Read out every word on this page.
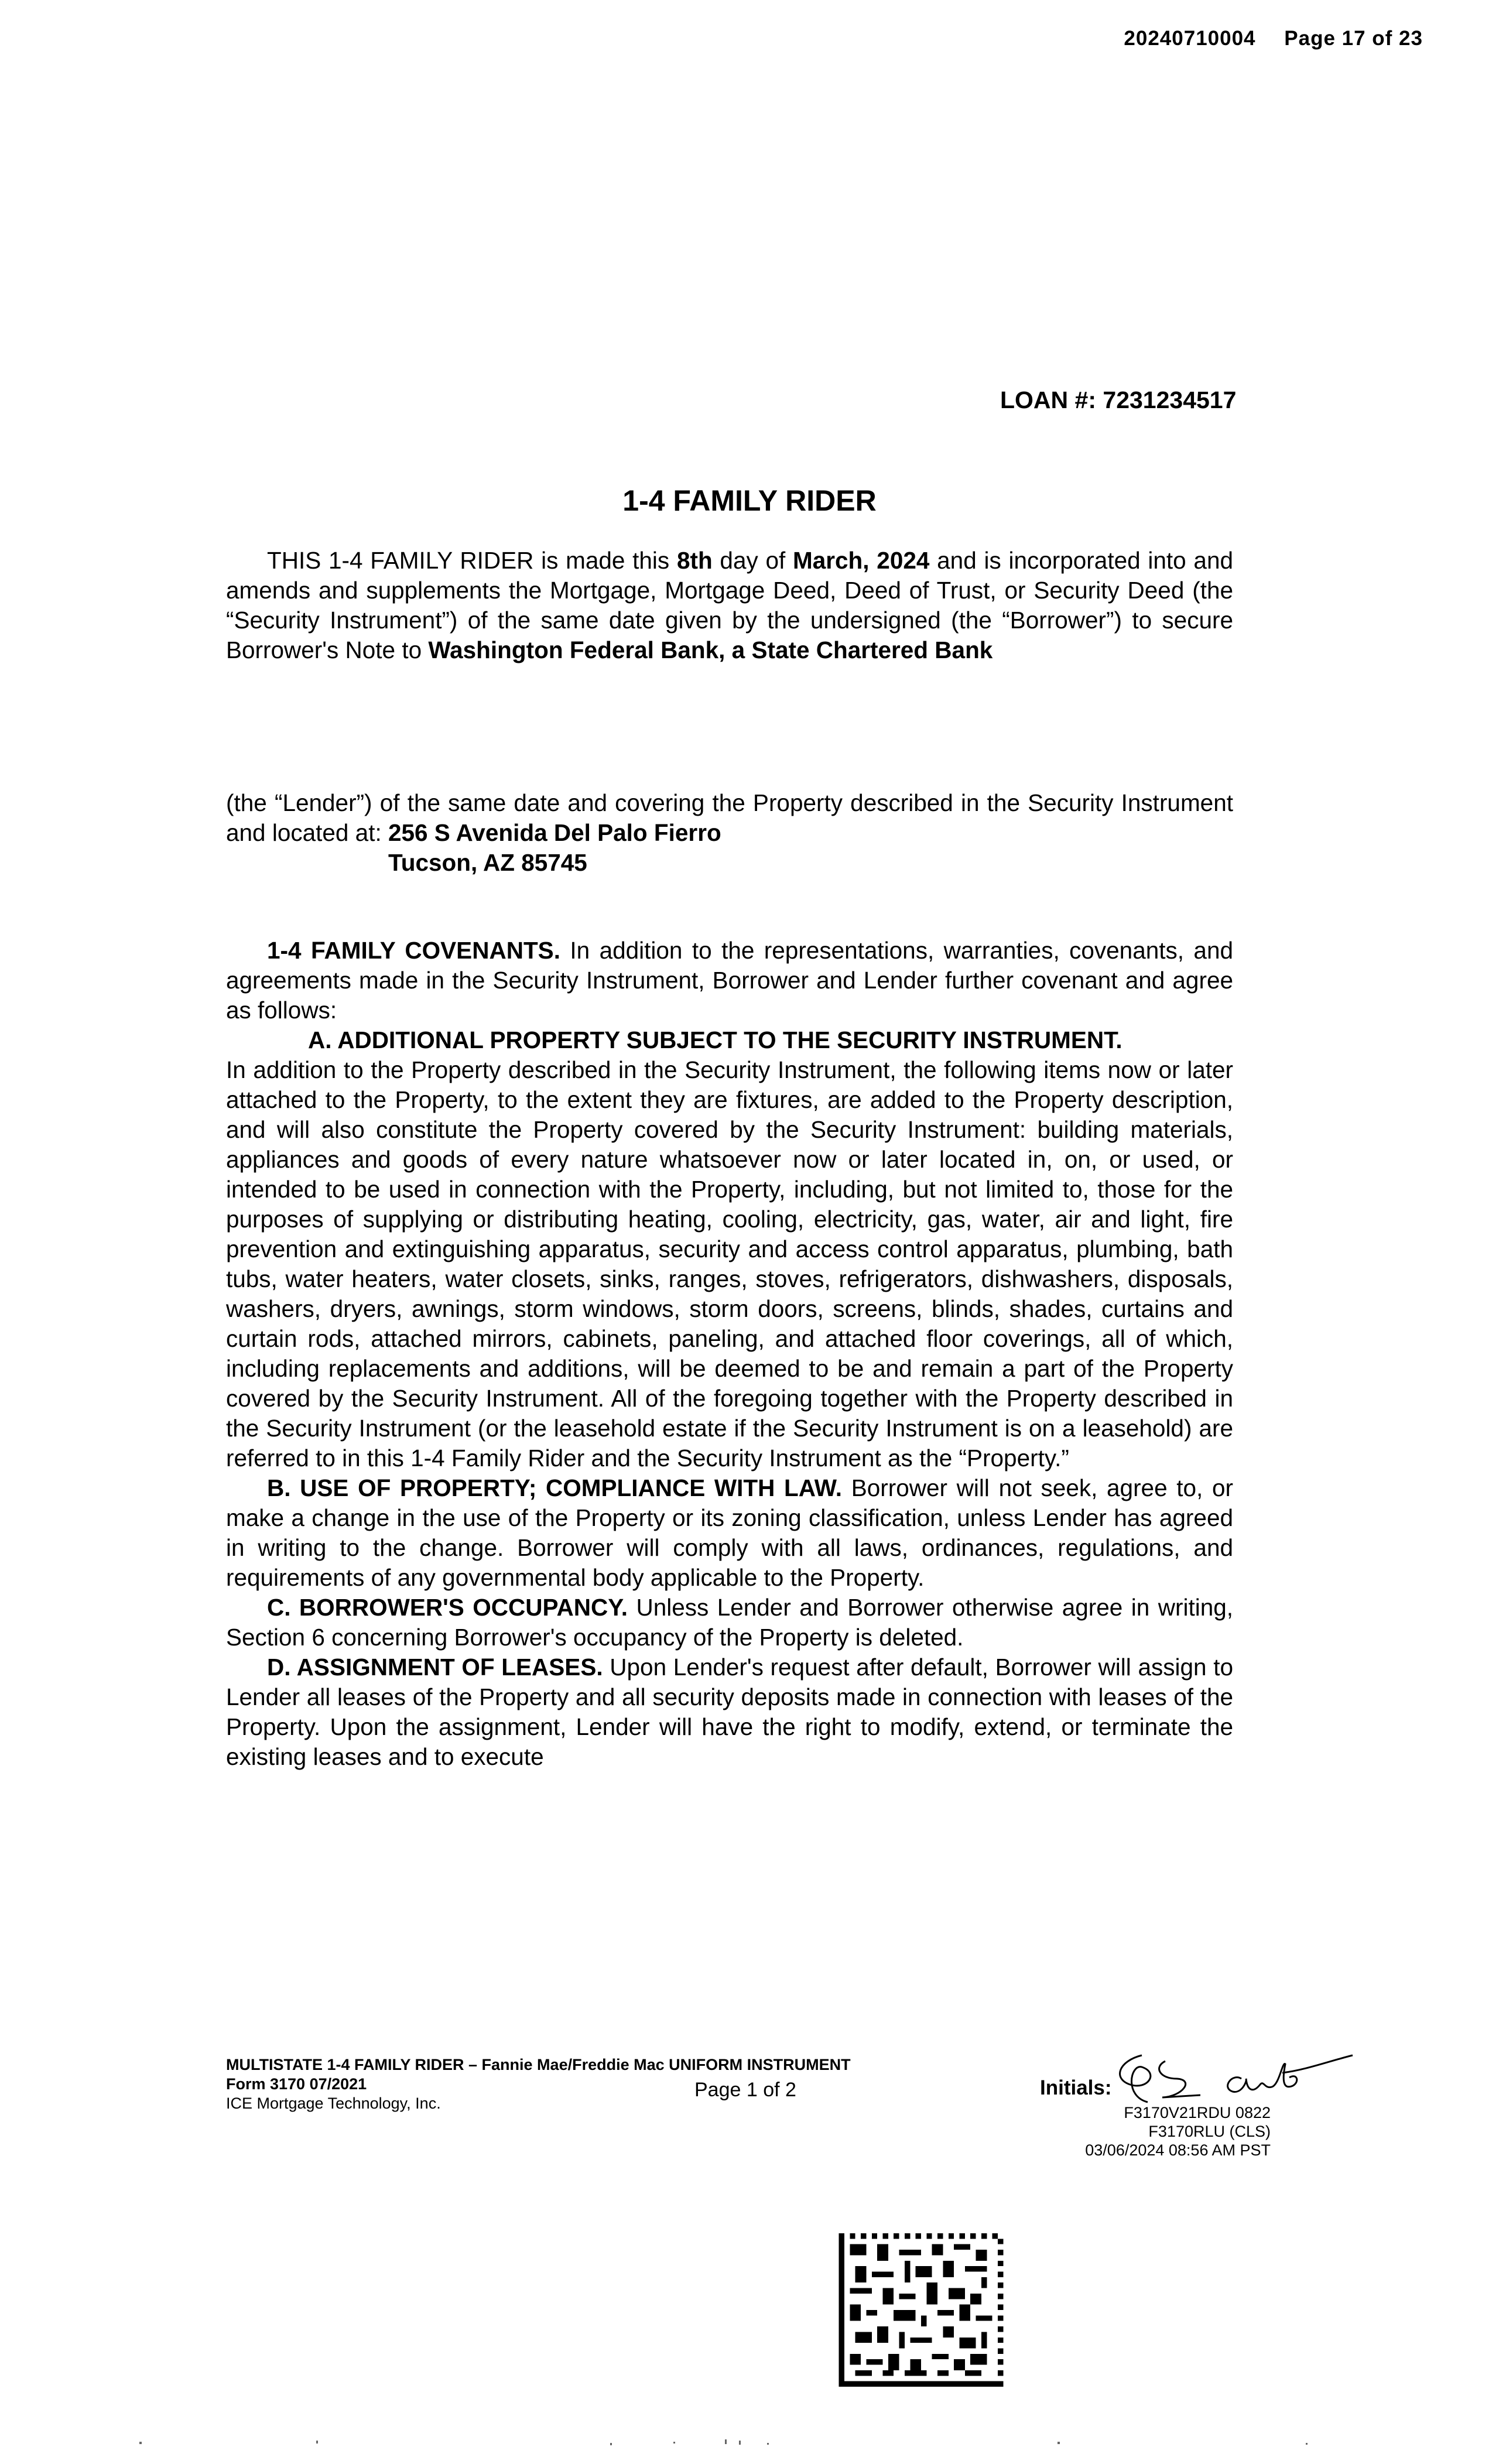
20240710004 Page 17 of 23
LOAN #: 7231234517
1-4 FAMILY RIDER
THIS 1-4 FAMILY RIDER is made this 8th day of March, 2024 and is incorporated into and amends and supplements the Mortgage, Mortgage Deed, Deed of Trust, or Security Deed (the “Security Instrument”) of the same date given by the undersigned (the “Borrower”) to secure Borrower's Note to Washington Federal Bank, a State Chartered Bank
(the “Lender”) of the same date and covering the Property described in the Security Instrument and located at: 256 S Avenida Del Palo Fierro
Tucson, AZ 85745
1-4 FAMILY COVENANTS. In addition to the representations, warranties, covenants, and agreements made in the Security Instrument, Borrower and Lender further covenant and agree as follows:
A. ADDITIONAL PROPERTY SUBJECT TO THE SECURITY INSTRUMENT.
In addition to the Property described in the Security Instrument, the following items now or later attached to the Property, to the extent they are fixtures, are added to the Property description, and will also constitute the Property covered by the Security Instrument: building materials, appliances and goods of every nature whatsoever now or later located in, on, or used, or intended to be used in connection with the Property, including, but not limited to, those for the purposes of supplying or distributing heating, cooling, electricity, gas, water, air and light, fire prevention and extinguishing apparatus, security and access control apparatus, plumbing, bath tubs, water heaters, water closets, sinks, ranges, stoves, refrigerators, dishwashers, disposals, washers, dryers, awnings, storm windows, storm doors, screens, blinds, shades, curtains and curtain rods, attached mirrors, cabinets, paneling, and attached floor coverings, all of which, including replacements and additions, will be deemed to be and remain a part of the Property covered by the Security Instrument. All of the foregoing together with the Property described in the Security Instrument (or the leasehold estate if the Security Instrument is on a leasehold) are referred to in this 1-4 Family Rider and the Security Instrument as the “Property.”
B. USE OF PROPERTY; COMPLIANCE WITH LAW. Borrower will not seek, agree to, or make a change in the use of the Property or its zoning classification, unless Lender has agreed in writing to the change. Borrower will comply with all laws, ordinances, regulations, and requirements of any governmental body applicable to the Property.
C. BORROWER'S OCCUPANCY. Unless Lender and Borrower otherwise agree in writing, Section 6 concerning Borrower's occupancy of the Property is deleted.
D. ASSIGNMENT OF LEASES. Upon Lender's request after default, Borrower will assign to Lender all leases of the Property and all security deposits made in connection with leases of the Property. Upon the assignment, Lender will have the right to modify, extend, or terminate the existing leases and to execute
MULTISTATE 1-4 FAMILY RIDER – Fannie Mae/Freddie Mac UNIFORM INSTRUMENT
Form 3170 07/2021
ICE Mortgage Technology, Inc.
Page 1 of 2	Initials:
F3170V21RDU 0822
F3170RLU (CLS)
03/06/2024 08:56 AM PST
